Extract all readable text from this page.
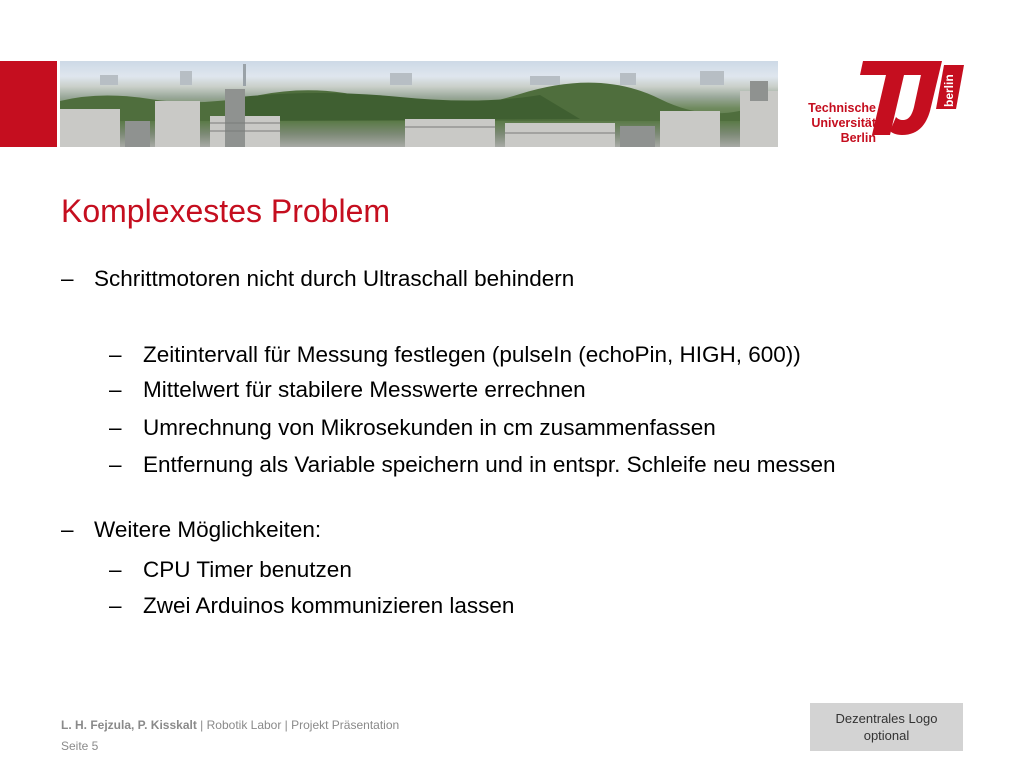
berlin
Technische
Universität
Berlin
Komplexestes Problem
– Schrittmotoren nicht durch Ultraschall behindern
– Zeitintervall für Messung festlegen (pulseIn (echoPin, HIGH, 600))
– Mittelwert für stabilere Messwerte errechnen
– Umrechnung von Mikrosekunden in cm zusammenfassen
– Entfernung als Variable speichern und in entspr. Schleife neu messen
– Weitere Möglichkeiten:
– CPU Timer benutzen
– Zwei Arduinos kommunizieren lassen
L. H. Fejzula, P. Kisskalt | Robotik Labor | Projekt Präsentation
Seite 5
Dezentrales Logo
optional
